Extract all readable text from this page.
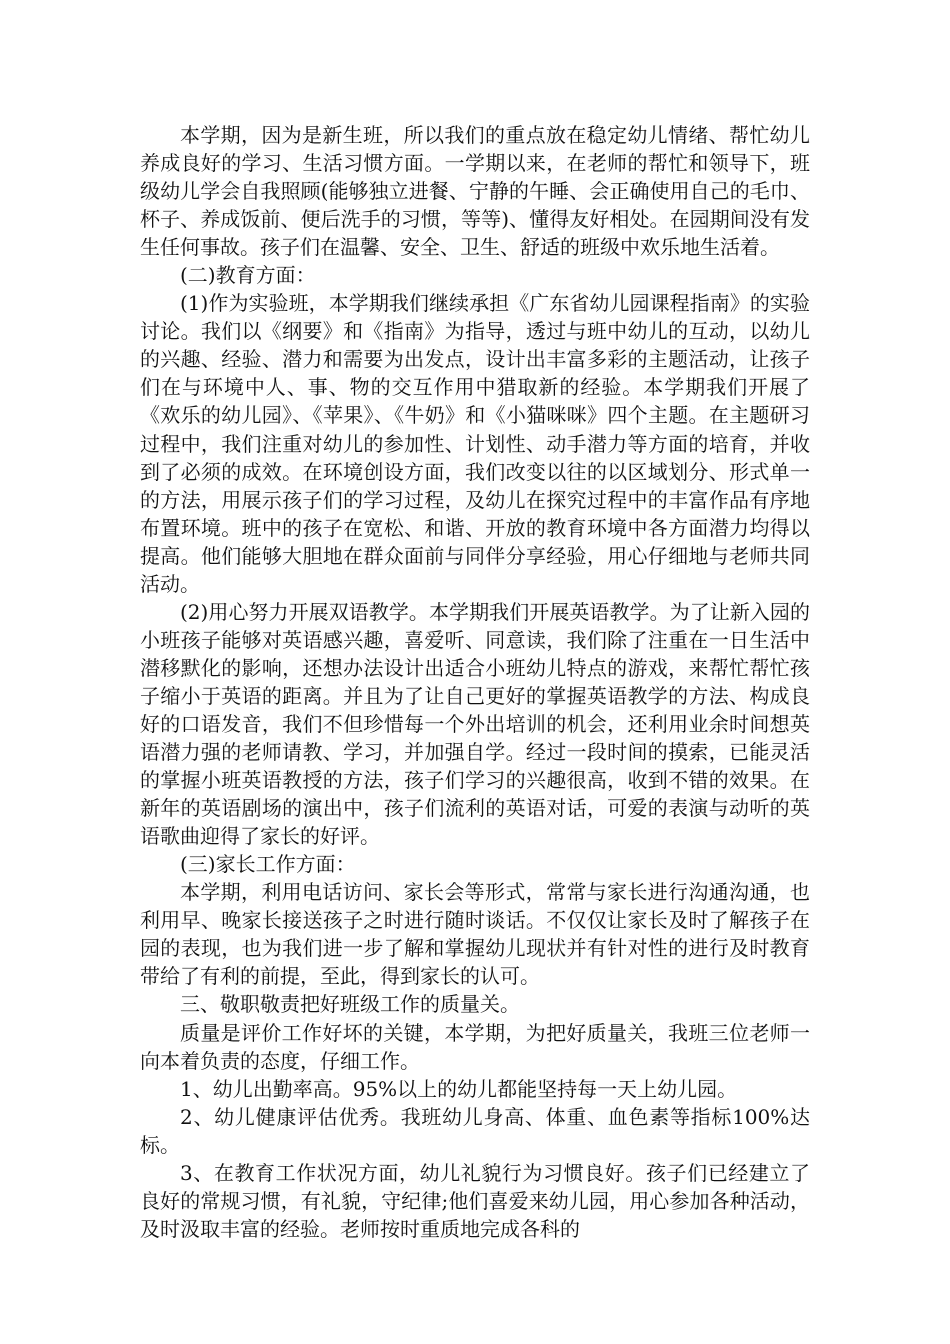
本学期，因为是新生班，所以我们的重点放在稳定幼儿情绪、帮忙幼儿养成良好的学习、生活习惯方面。一学期以来，在老师的帮忙和领导下，班级幼儿学会自我照顾(能够独立进餐、宁静的午睡、会正确使用自己的毛巾、杯子、养成饭前、便后洗手的习惯，等等)、懂得友好相处。在园期间没有发生任何事故。孩子们在温馨、安全、卫生、舒适的班级中欢乐地生活着。

(二)教育方面：

(1)作为实验班，本学期我们继续承担《广东省幼儿园课程指南》的实验讨论。我们以《纲要》和《指南》为指导，透过与班中幼儿的互动，以幼儿的兴趣、经验、潜力和需要为出发点，设计出丰富多彩的主题活动，让孩子们在与环境中人、事、物的交互作用中猎取新的经验。本学期我们开展了《欢乐的幼儿园》、《苹果》、《牛奶》和《小猫咪咪》四个主题。在主题研习过程中，我们注重对幼儿的参加性、计划性、动手潜力等方面的培育，并收到了必须的成效。在环境创设方面，我们改变以往的以区域划分、形式单一的方法，用展示孩子们的学习过程，及幼儿在探究过程中的丰富作品有序地布置环境。班中的孩子在宽松、和谐、开放的教育环境中各方面潜力均得以提高。他们能够大胆地在群众面前与同伴分享经验，用心仔细地与老师共同活动。

(2)用心努力开展双语教学。本学期我们开展英语教学。为了让新入园的小班孩子能够对英语感兴趣，喜爱听、同意读，我们除了注重在一日生活中潜移默化的影响，还想办法设计出适合小班幼儿特点的游戏，来帮忙帮忙孩子缩小于英语的距离。并且为了让自己更好的掌握英语教学的方法、构成良好的口语发音，我们不但珍惜每一个外出培训的机会，还利用业余时间想英语潜力强的老师请教、学习，并加强自学。经过一段时间的摸索，已能灵活的掌握小班英语教授的方法，孩子们学习的兴趣很高，收到不错的效果。在新年的英语剧场的演出中，孩子们流利的英语对话，可爱的表演与动听的英语歌曲迎得了家长的好评。

(三)家长工作方面：

本学期，利用电话访问、家长会等形式，常常与家长进行沟通沟通，也利用早、晚家长接送孩子之时进行随时谈话。不仅仅让家长及时了解孩子在园的表现，也为我们进一步了解和掌握幼儿现状并有针对性的进行及时教育带给了有利的前提，至此，得到家长的认可。

三、敬职敬责把好班级工作的质量关。

质量是评价工作好坏的关键，本学期，为把好质量关，我班三位老师一向本着负责的态度，仔细工作。

1、幼儿出勤率高。95%以上的幼儿都能坚持每一天上幼儿园。

2、幼儿健康评估优秀。我班幼儿身高、体重、血色素等指标100%达标。

3、在教育工作状况方面，幼儿礼貌行为习惯良好。孩子们已经建立了良好的常规习惯，有礼貌，守纪律;他们喜爱来幼儿园，用心参加各种活动，及时汲取丰富的经验。老师按时重质地完成各科的
